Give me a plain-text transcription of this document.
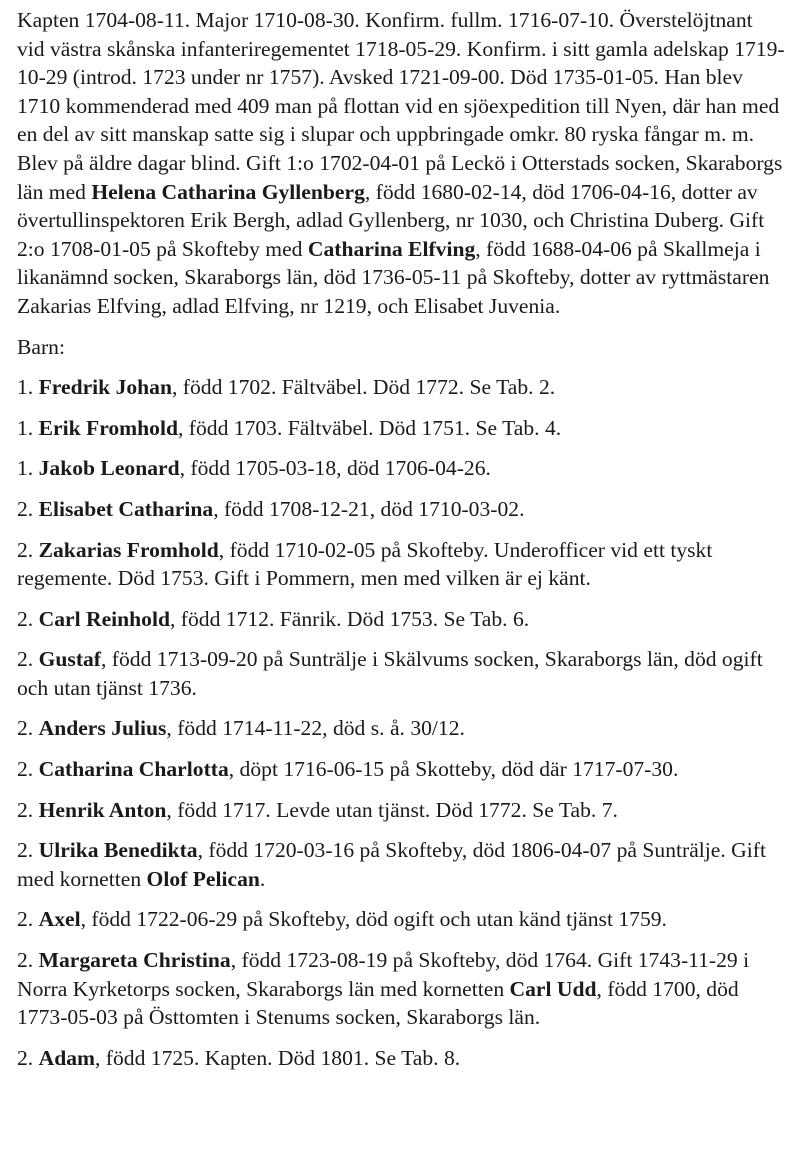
Kapten 1704-08-11. Major 1710-08-30. Konfirm. fullm. 1716-07-10. Överstelöjtnant vid västra skånska infanteriregementet 1718-05-29. Konfirm. i sitt gamla adelskap 1719-10-29 (introd. 1723 under nr 1757). Avsked 1721-09-00. Död 1735-01-05. Han blev 1710 kommenderad med 409 man på flottan vid en sjöexpedition till Nyen, där han med en del av sitt manskap satte sig i slupar och uppbringade omkr. 80 ryska fångar m. m. Blev på äldre dagar blind. Gift 1:o 1702-04-01 på Leckö i Otterstads socken, Skaraborgs län med Helena Catharina Gyllenberg, född 1680-02-14, död 1706-04-16, dotter av övertullinspektoren Erik Bergh, adlad Gyllenberg, nr 1030, och Christina Duberg. Gift 2:o 1708-01-05 på Skofteby med Catharina Elfving, född 1688-04-06 på Skallmeja i likanämnd socken, Skaraborgs län, död 1736-05-11 på Skofteby, dotter av ryttmästaren Zakarias Elfving, adlad Elfving, nr 1219, och Elisabet Juvenia.

Barn:

1. Fredrik Johan, född 1702. Fältväbel. Död 1772. Se Tab. 2.

1. Erik Fromhold, född 1703. Fältväbel. Död 1751. Se Tab. 4.

1. Jakob Leonard, född 1705-03-18, död 1706-04-26.

2. Elisabet Catharina, född 1708-12-21, död 1710-03-02.

2. Zakarias Fromhold, född 1710-02-05 på Skofteby. Underofficer vid ett tyskt regemente. Död 1753. Gift i Pommern, men med vilken är ej känt.

2. Carl Reinhold, född 1712. Fänrik. Död 1753. Se Tab. 6.

2. Gustaf, född 1713-09-20 på Sunträlje i Skälvums socken, Skaraborgs län, död ogift och utan tjänst 1736.

2. Anders Julius, född 1714-11-22, död s. å. 30/12.

2. Catharina Charlotta, döpt 1716-06-15 på Skotteby, död där 1717-07-30.

2. Henrik Anton, född 1717. Levde utan tjänst. Död 1772. Se Tab. 7.

2. Ulrika Benedikta, född 1720-03-16 på Skofteby, död 1806-04-07 på Sunträlje. Gift med kornetten Olof Pelican.

2. Axel, född 1722-06-29 på Skofteby, död ogift och utan känd tjänst 1759.

2. Margareta Christina, född 1723-08-19 på Skofteby, död 1764. Gift 1743-11-29 i Norra Kyrketorps socken, Skaraborgs län med kornetten Carl Udd, född 1700, död 1773-05-03 på Östtomten i Stenums socken, Skaraborgs län.

2. Adam, född 1725. Kapten. Död 1801. Se Tab. 8.
